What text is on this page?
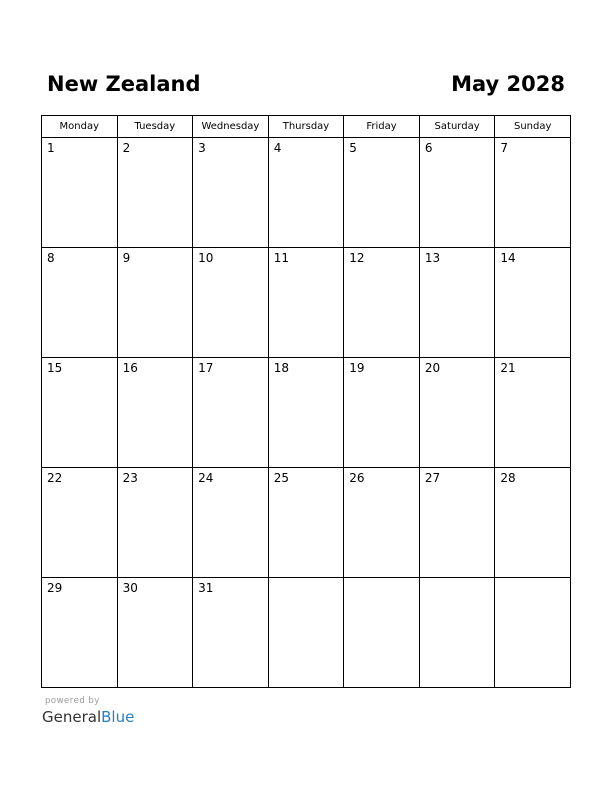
New Zealand	May 2028
Monday	Tuesday	Wednesday	Thursday	Friday	Saturday	Sunday

1	2	3	4	5	6	7

8	9	10	11	12	13	14

15	16	17	18	19	20	21

22	23	24	25	26	27	28

29	30	31				

powered by
GeneralBlue
